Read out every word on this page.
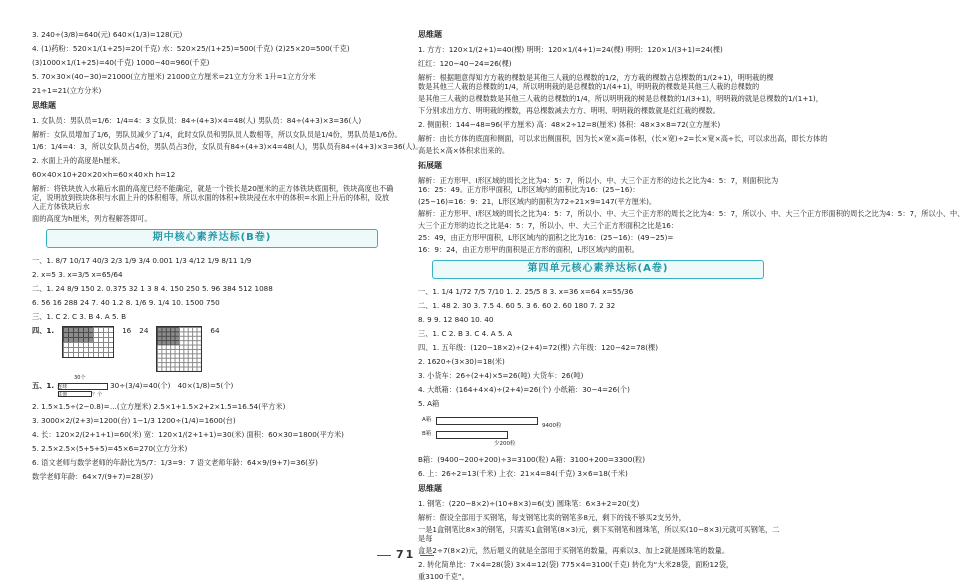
3. 240÷(3/8)=640(元) 640×(1/3)=128(元)
4. (1)药粉：520×1/(1+25)=20(千克) 水：520×25/(1+25)=500(千克) (2)25×20=500(千克)
(3)1000×1/(1+25)=40(千克) 1000−40=960(千克)
5. 70×30×(40−30)=21000(立方厘米) 21000立方厘米=21立方分米 1升=1立方分米
21÷1=21(立方分米)
思维题
1. 女队员：男队员=1/6：1/4=4：3 女队员：84÷(4+3)×4=48(人) 男队员：84÷(4+3)×3=36(人)
解析：女队员增加了1/6，男队员减少了1/4，此时女队员和男队员人数相等，所以女队员是1/4份，男队员是1/6份。
1/6：1/4=4：3，所以女队员占4份，男队员占3份，女队员有84÷(4+3)×4=48(人)，男队员有84÷(4+3)×3=36(人)。
2. 水面上升的高度是h厘米。
60×40×10+20×20×h=60×40×h h=12
解析：将铁块放入水箱后水面的高度已经不能确定，就是一个铁长是20厘米的正方体铁块底面积，铁块高度也不确定，说明放到铁块体积与水面上升的体积相等，所以水面的体积+铁块浸在水中的体积=水面上升后的体积，设放入正方体铁块后水
面的高度为h厘米，列方程解答即可。
期中核心素养达标(B卷)
一、1. 8/7 10/17 40/3 2/3 1/9 3/4 0.001 1/3 4/12 1/9 8/11 1/9
2. x=5 3. x=3/5 x=65/64
二、1. 24 8/9 150 2. 0.375 32 1 3 8 4. 150 250 5. 96 384 512 1088
6. 56 16 288 24 7. 40 1.2 8. 1/6 9. 1/4 10. 1500 750
三、1. C 2. C 3. B 4. A 5. B
四、1.	16 24	64
五、1.
30个
连球
其他	？个
30÷(3/4)=40(个)　40×(1/8)=5(个)
2. 1.5×1.5÷(2−0.8)=…(立方厘米) 2.5×1+1.5×2+2×1.5=16.54(平方米)
3. 3000×2/(2+3)=1200(台) 1−1/3 1200÷(1/4)=1600(台)
4. 长：120×2/(2+1+1)=60(米) 宽：120×1/(2+1+1)=30(米) 面积：60×30=1800(平方米)
5. 2.5×2.5×(5+5+5)=45×6=270(立方分米)
6. 语文老师与数学老师的年龄比为5/7：1/3=9：7 语文老师年龄：64×9/(9+7)=36(岁)
数学老师年龄：64×7/(9+7)=28(岁)
思维题
1. 方方：120×1/(2+1)=40(棵) 明明：120×1/(4+1)=24(棵) 明明：120×1/(3+1)=24(棵)
红红：120−40−24=26(棵)
解析：根据题意得知方方栽的棵数是其他三人栽的总棵数的1/2，方方栽的棵数占总棵数的1/(2+1)，明明栽的棵数是其他三人栽的总棵数的1/4，所以明明栽的是总棵数的1/(4+1)，明明栽的棵数是其他三人栽的总棵数的
是其他三人栽的总棵数数是其他三人栽的总棵数的1/4，所以明明栽的树是总棵数的1/(3+1)，明明栽的就是总棵数的1/(1+1)，
下分别求出方方、明明栽的棵数，再总棵数减去方方、明明、明明栽的棵数就是红红栽的棵数。
2. 侧面积：144−48=96(平方厘米) 高：48×2÷12=8(厘米) 体积：48×3×8=72(立方厘米)
解析：由长方体的底面和侧面，可以求出侧面积，因为长×宽×高=体积，(长×宽)÷2=长×宽×高÷长，可以求出高，即长方体的
高是长×高×体积求出来的。
拓展题
解析：正方形甲、I形区域的周长之比为4：5：7，所以小、中、大三个正方形的边长之比为4：5：7，则面积比为16：25：49。正方形甲面积，L形区域内的面积比为16：(25−16)：
(25−16)=16：9：21，L形区域内的面积为72÷21×9=147(平方厘米)。
解析：正方形甲、I形区域的周长之比为4：5：7，所以小、中、大三个正方形的周长之比为4：5：7，所以小、中、大三个正方形面积的周长之比为4：5：7，所以小、中、
大三个正方形的边长之比是4：5：7，所以小、中、大三个正方形面积之比是16：
25：49，由正方形甲面积，L形区域内的面积之比为16：(25−16)：(49−25)=
16：9：24，由正方形甲的面积是正方形的面积，L形区域内的面积。
第四单元核心素养达标(A卷)
一、1. 1/4 1/72 7/5 7/10 1. 2. 25/5 8 3. x=36 x=64 x=55/36
二、1. 48 2. 30 3. 7.5 4. 60 5. 3 6. 60 2. 60 180 7. 2 32
8. 9 9. 12 840 10. 40
三、1. C 2. B 3. C 4. A 5. A
四、1. 五年级：(120−18×2)÷(2+4)=72(棵) 六年级：120−42=78(棵)
2. 1620÷(3×30)=18(米)
3. 小货车：26÷(2+4)×5=26(吨) 大货车：26(吨)
4. 大纸箱：(164+4×4)÷(2+4)=26(个) 小纸箱：30−4=26(个)
5. A箱
A箱
B箱
9400粒
少200粒
B箱：(9400−200+200)÷3=3100(粒) A箱：3100+200=3300(粒)
6. 上：26÷2=13(千米) 上衣：21×4=84(千克) 3×6=18(千米)
思维题
1. 钢笔：(220−8×2)÷(10+8×3)=6(支) 圆珠笔：6×3+2=20(支)
解析：假设全部用于买钢笔，每支钢笔比卖的钢笔多8元，剩下的钱不够买2支另外，
一是1盒钢笔比8×3的钢笔，只需买1盒钢笔(8×3)元，剩下买钢笔和圆珠笔，所以买(10−8×3)元就可买钢笔，二是每
盒是2÷7(8×2)元，然后题义的就是全部用于买钢笔的数量，再乘以3、加上2就是圆珠笔的数量。
2. 转化简单比：7×4=28(袋) 3×4=12(袋) 775×4=3100(千克) 转化为“大米28袋，面粉12袋，
重3100千克”。
71
